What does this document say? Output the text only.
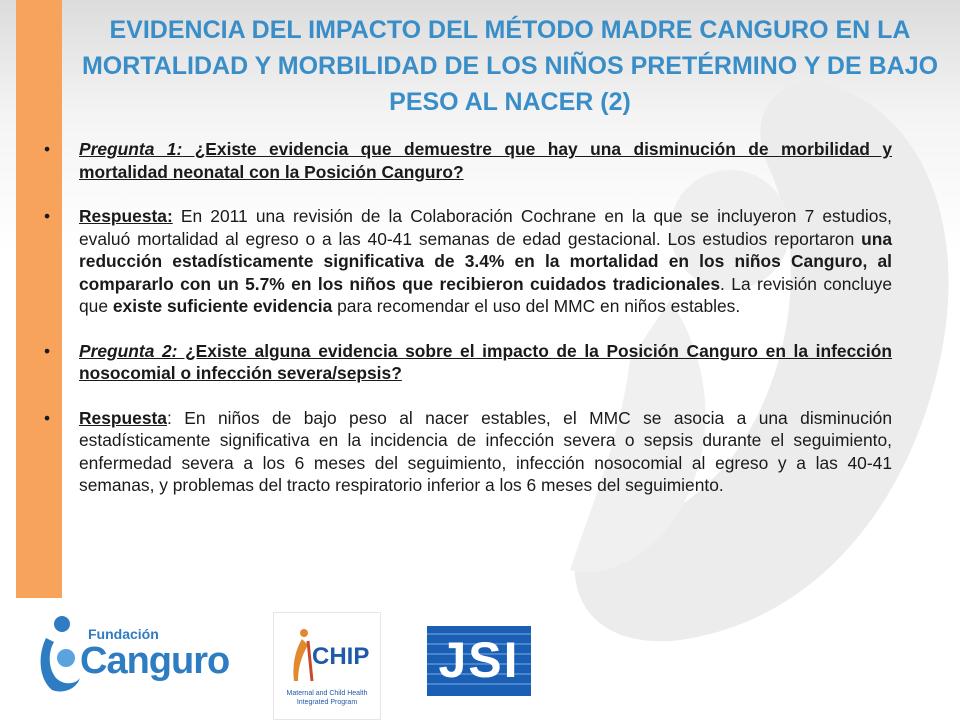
EVIDENCIA DEL IMPACTO DEL MÉTODO MADRE CANGURO EN LA MORTALIDAD Y MORBILIDAD DE LOS NIÑOS PRETÉRMINO Y DE BAJO PESO AL NACER (2)
•	Pregunta 1: ¿Existe evidencia que demuestre que hay una disminución de morbilidad y mortalidad neonatal con la Posición Canguro?
•	Respuesta: En 2011 una revisión de la Colaboración Cochrane en la que se incluyeron 7 estudios, evaluó mortalidad al egreso o a las 40-41 semanas de edad gestacional. Los estudios reportaron una reducción estadísticamente significativa de 3.4% en la mortalidad en los niños Canguro, al compararlo con un 5.7% en los niños que recibieron cuidados tradicionales. La revisión concluye que existe suficiente evidencia para recomendar el uso del MMC en niños estables.
•	Pregunta 2: ¿Existe alguna evidencia sobre el impacto de la Posición Canguro en la infección nosocomial o infección severa/sepsis?
•	Respuesta: En niños de bajo peso al nacer estables, el MMC se asocia a una disminución estadísticamente significativa en la incidencia de infección severa o sepsis durante el seguimiento, enfermedad severa a los 6 meses del seguimiento, infección nosocomial al egreso y a las 40-41 semanas, y problemas del tracto respiratorio inferior a los 6 meses del seguimiento.
Fundación
Canguro	CHIP
Maternal and Child Health Integrated Program
JSI
